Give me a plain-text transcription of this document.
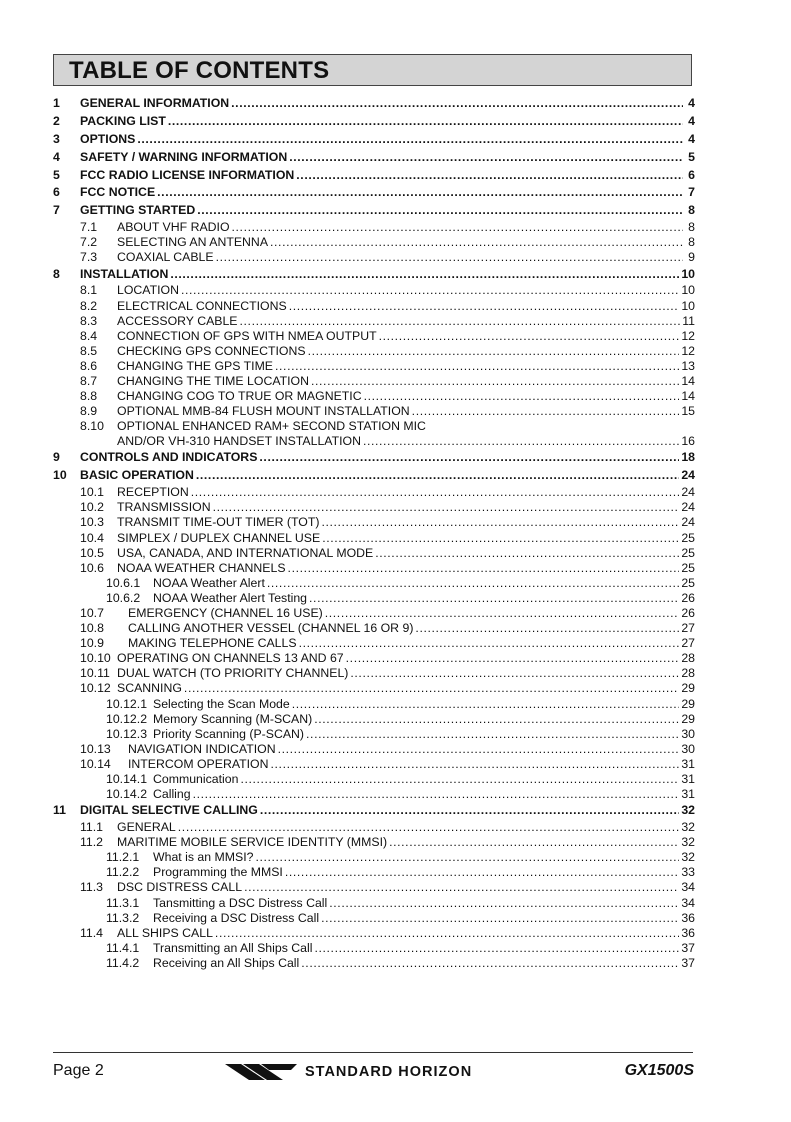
TABLE OF CONTENTS
1	GENERAL INFORMATION .....	4
2	PACKING LIST .....	4
3	OPTIONS .....	4
4	SAFETY / WARNING INFORMATION .....	5
5	FCC RADIO LICENSE INFORMATION .....	6
6	FCC NOTICE .....	7
7	GETTING STARTED .....	8
7.1	ABOUT VHF RADIO .....	8
7.2	SELECTING AN ANTENNA .....	8
7.3	COAXIAL CABLE .....	9
8	INSTALLATION .....	10
8.1	LOCATION .....	10
8.2	ELECTRICAL CONNECTIONS .....	10
8.3	ACCESSORY CABLE .....	11
8.4	CONNECTION OF GPS WITH NMEA OUTPUT .....	12
8.5	CHECKING GPS CONNECTIONS .....	12
8.6	CHANGING THE GPS TIME .....	13
8.7	CHANGING THE TIME LOCATION .....	14
8.8	CHANGING COG TO TRUE OR MAGNETIC .....	14
8.9	OPTIONAL MMB-84 FLUSH MOUNT INSTALLATION .....	15
8.10	OPTIONAL ENHANCED RAM+ SECOND STATION MIC
AND/OR VH-310 HANDSET INSTALLATION .....	16
9	CONTROLS AND INDICATORS .....	18
10	BASIC OPERATION .....	24
10.1	RECEPTION .....	24
10.2	TRANSMISSION .....	24
10.3	TRANSMIT TIME-OUT TIMER (TOT) .....	24
10.4	SIMPLEX / DUPLEX CHANNEL USE .....	25
10.5	USA, CANADA, AND INTERNATIONAL MODE .....	25
10.6	NOAA WEATHER CHANNELS .....	25
10.6.1	NOAA Weather Alert .....	25
10.6.2	NOAA Weather Alert Testing .....	26
10.7	EMERGENCY (CHANNEL 16 USE) .....	26
10.8	CALLING ANOTHER VESSEL (CHANNEL 16 OR 9) .....	27
10.9	MAKING TELEPHONE CALLS .....	27
10.10 OPERATING ON CHANNELS 13 AND 67 .....	28
10.11 DUAL WATCH (TO PRIORITY CHANNEL) .....	28
10.12 SCANNING .....	29
10.12.1 Selecting the Scan Mode .....	29
10.12.2 Memory Scanning (M-SCAN) .....	29
10.12.3 Priority Scanning (P-SCAN) .....	30
10.13	NAVIGATION INDICATION .....	30
10.14	INTERCOM OPERATION .....	31
10.14.1 Communication .....	31
10.14.2 Calling .....	31
11	DIGITAL SELECTIVE CALLING .....	32
11.1	GENERAL .....	32
11.2	MARITIME MOBILE SERVICE IDENTITY (MMSI) .....	32
11.2.1	What is an MMSI? .....	32
11.2.2	Programming the MMSI .....	33
11.3	DSC DISTRESS CALL .....	34
11.3.1	Tansmitting a DSC Distress Call .....	34
11.3.2	Receiving a DSC Distress Call .....	36
11.4	ALL SHIPS CALL .....	36
11.4.1	Transmitting an All Ships Call .....	37
11.4.2	Receiving an All Ships Call .....	37
Page 2	STANDARD HORIZON	GX1500S
